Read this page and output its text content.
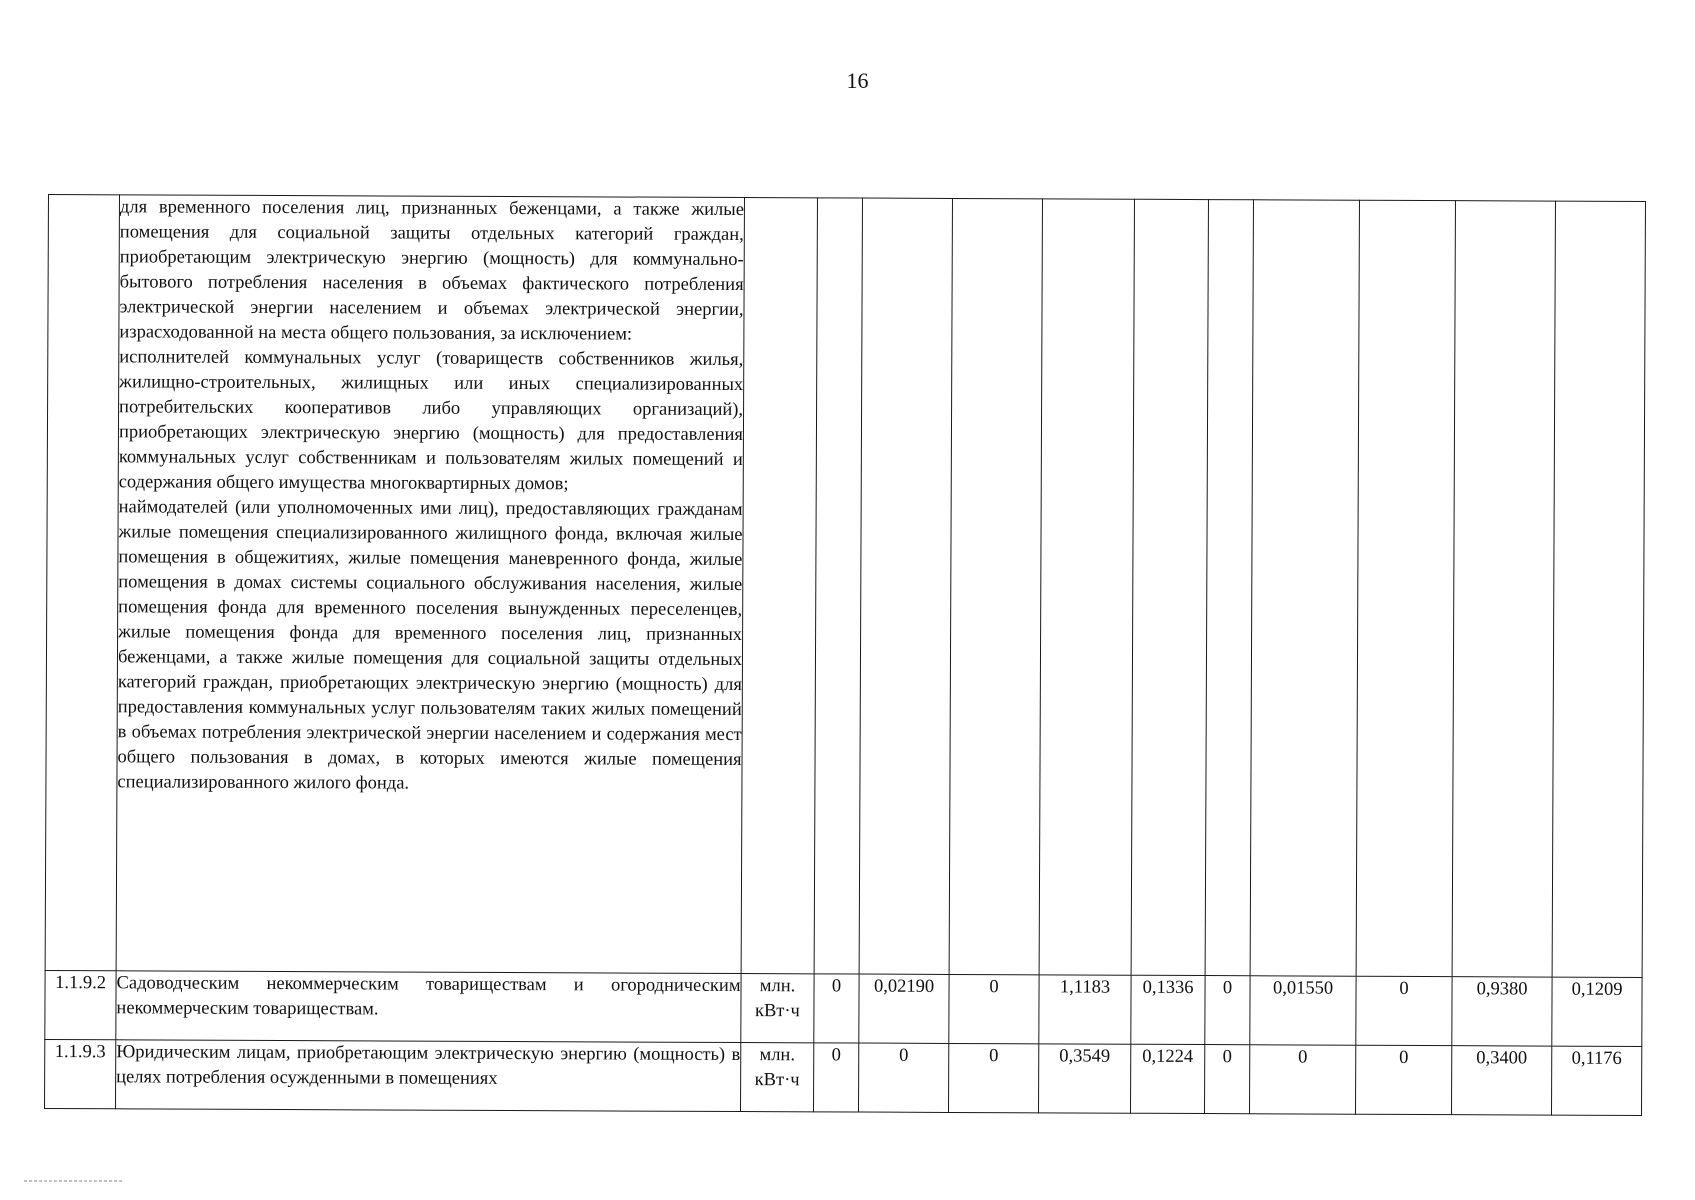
16

	для временного поселения лиц, признанных беженцами, а также жилые помещения для социальной защиты отдельных категорий граждан, приобретающим электрическую энергию (мощность) для коммунально-бытового потребления населения в объемах фактического потребления электрической энергии населением и объемах электрической энергии, израсходованной на места общего пользования, за исключением:

исполнителей коммунальных услуг (товариществ собственников жилья, жилищно-строительных, жилищных или иных специализированных потребительских кооперативов либо управляющих организаций), приобретающих электрическую энергию (мощность) для предоставления коммунальных услуг собственникам и пользователям жилых помещений и содержания общего имущества многоквартирных домов;

наймодателей (или уполномоченных ими лиц), предоставляющих гражданам жилые помещения специализированного жилищного фонда, включая жилые помещения в общежитиях, жилые помещения маневренного фонда, жилые помещения в домах системы социального обслуживания населения, жилые помещения фонда для временного поселения вынужденных переселенцев, жилые помещения фонда для временного поселения лиц, признанных беженцами, а также жилые помещения для социальной защиты отдельных категорий граждан, приобретающих электрическую энергию (мощность) для предоставления коммунальных услуг пользователям таких жилых помещений в объемах потребления электрической энергии населением и содержания мест общего пользования в домах, в которых имеются жилые помещения специализированного жилого фонда.											

1.1.9.2	Садоводческим некоммерческим товариществам и огородническим некоммерческим товариществам.	млн. кВт·ч	0	0,02190	0	1,1183	0,1336	0	0,01550	0	0,9380	0,1209
1.1.9.3	Юридическим лицам, приобретающим электрическую энергию (мощность) в целях потребления осужденными в помещениях	млн. кВт·ч	0	0	0	0,3549	0,1224	0	0	0	0,3400	0,1176
